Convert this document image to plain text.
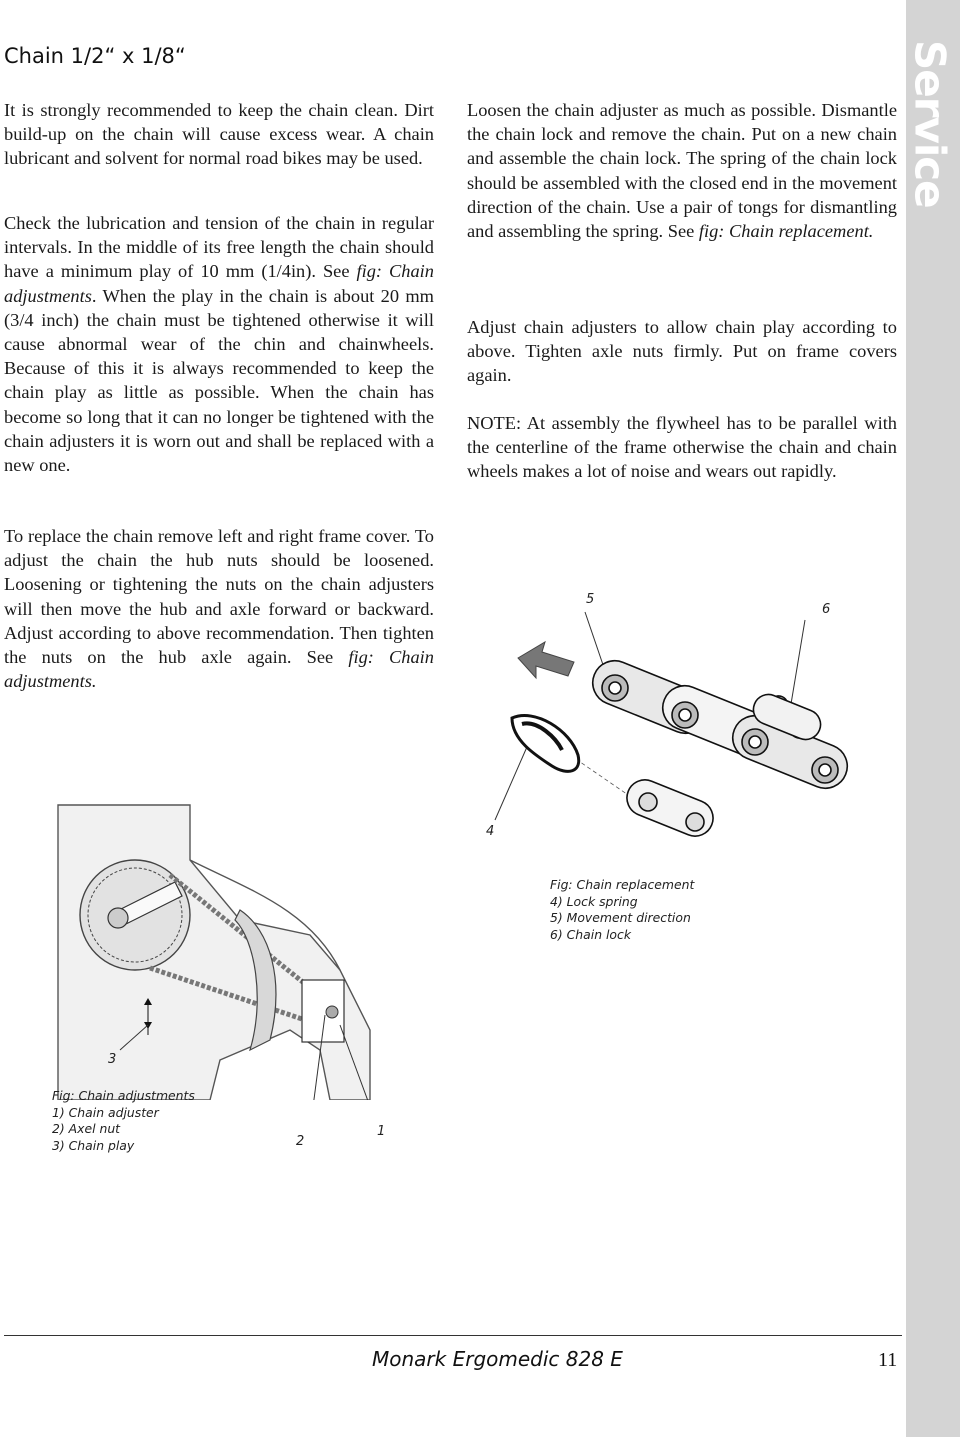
Chain 1/2“ x 1/8“

It is strongly recommended to keep the chain clean. Dirt build-up on the chain will cause excess wear. A chain lubricant and solvent for normal road bikes may be used.

Check the lubrication and tension of the chain in regular intervals. In the middle of its free length the chain should have a minimum play of 10 mm (1/4in). See fig: Chain adjustments. When the play in the chain is about 20 mm (3/4 inch) the chain must be tightened otherwise it will cause abnormal wear of the chin and chainwheels. Because of this it is always recommended to keep the chain play as little as possible. When the chain has become so long that it can no longer be tightened with the chain adjusters it is worn out and shall be replaced with a new one.

To replace the chain remove left and right frame cover. To adjust the chain the hub nuts should be loosened. Loosening or tightening the nuts on the chain adjusters will then move the hub and axle forward or backward. Adjust according to above recommendation. Then tighten the nuts on the hub axle again. See fig: Chain adjustments.

Loosen the chain adjuster as much as possible. Dismantle the chain lock and remove the chain. Put on a new chain and assemble the chain lock. The spring of the chain lock should be assembled with the closed end in the movement direction of the chain. Use a pair of tongs for dismantling and assembling the spring. See fig: Chain replacement.

Adjust chain adjusters to allow chain play according to above. Tighten axle nuts firmly. Put on frame covers again.

NOTE: At assembly the flywheel has to be parallel with the centerline of the frame otherwise the chain and chain wheels makes a lot of noise and wears out rapidly.

Service
5
6
4
Fig: Chain replacement
4) Lock spring
5) Movement direction
6) Chain lock
3
2
1
Fig: Chain adjustments
1) Chain adjuster
2) Axel nut
3) Chain play
Monark Ergomedic 828 E	11
